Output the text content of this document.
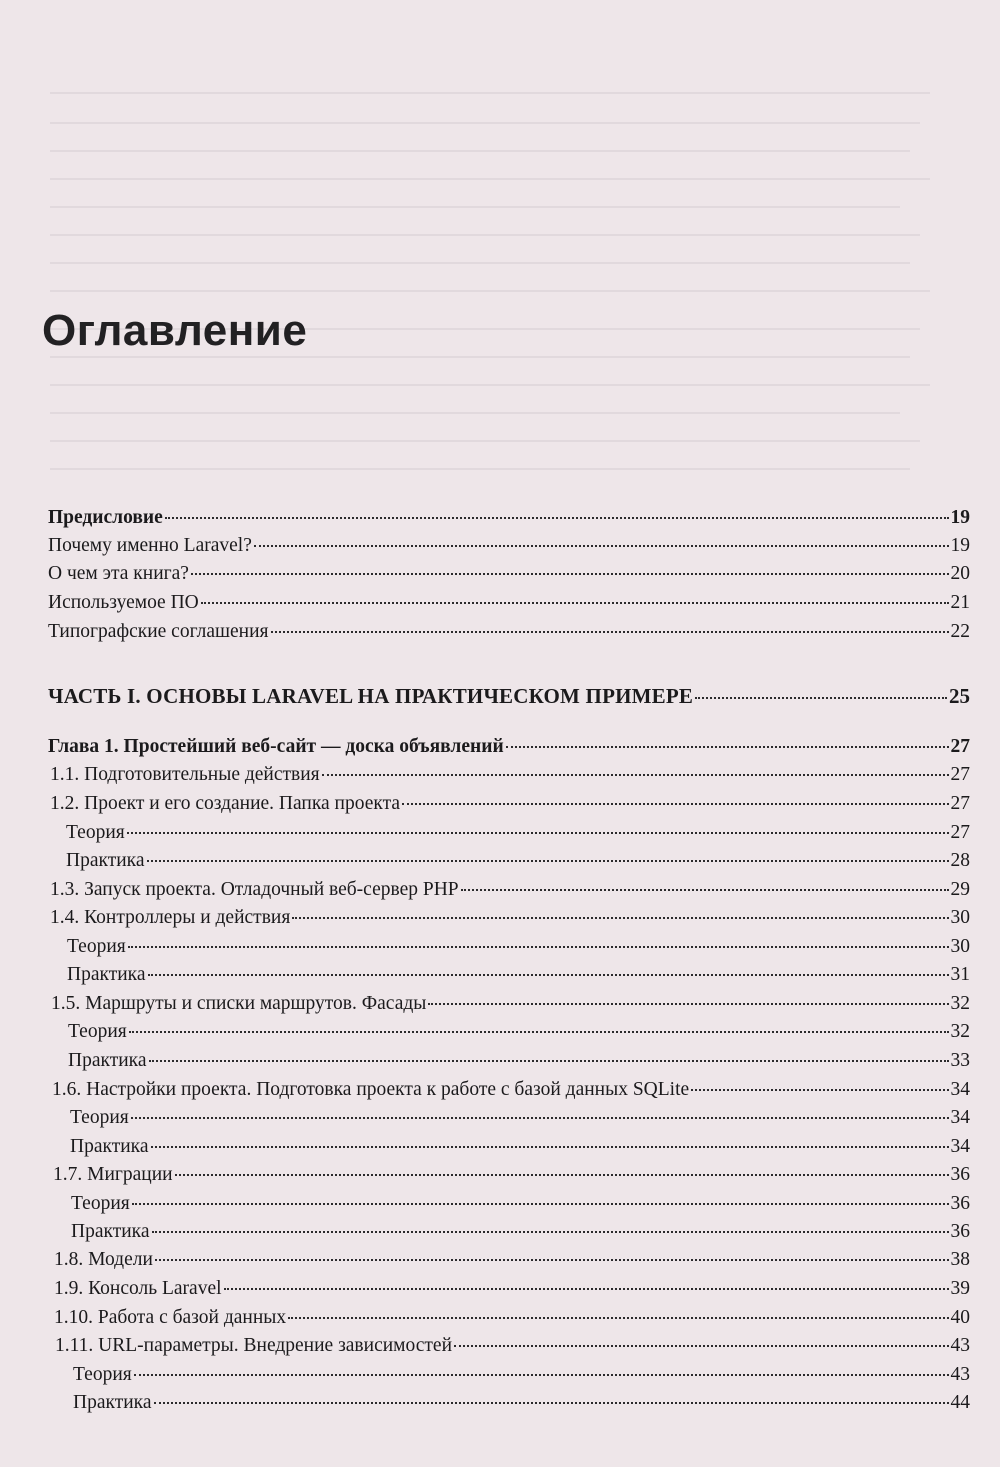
Оглавление
Предисловие	19
Почему именно Laravel?	19
О чем эта книга?	20
Используемое ПО	21
Типографские соглашения	22
ЧАСТЬ I. ОСНОВЫ LARAVEL НА ПРАКТИЧЕСКОМ ПРИМЕРЕ	25
Глава 1. Простейший веб-сайт — доска объявлений	27
1.1. Подготовительные действия	27
1.2. Проект и его создание. Папка проекта	27
Теория	27
Практика	28
1.3. Запуск проекта. Отладочный веб-сервер PHP	29
1.4. Контроллеры и действия	30
Теория	30
Практика	31
1.5. Маршруты и списки маршрутов. Фасады	32
Теория	32
Практика	33
1.6. Настройки проекта. Подготовка проекта к работе с базой данных SQLite	34
Теория	34
Практика	34
1.7. Миграции	36
Теория	36
Практика	36
1.8. Модели	38
1.9. Консоль Laravel	39
1.10. Работа с базой данных	40
1.11. URL-параметры. Внедрение зависимостей	43
Теория	43
Практика	44
